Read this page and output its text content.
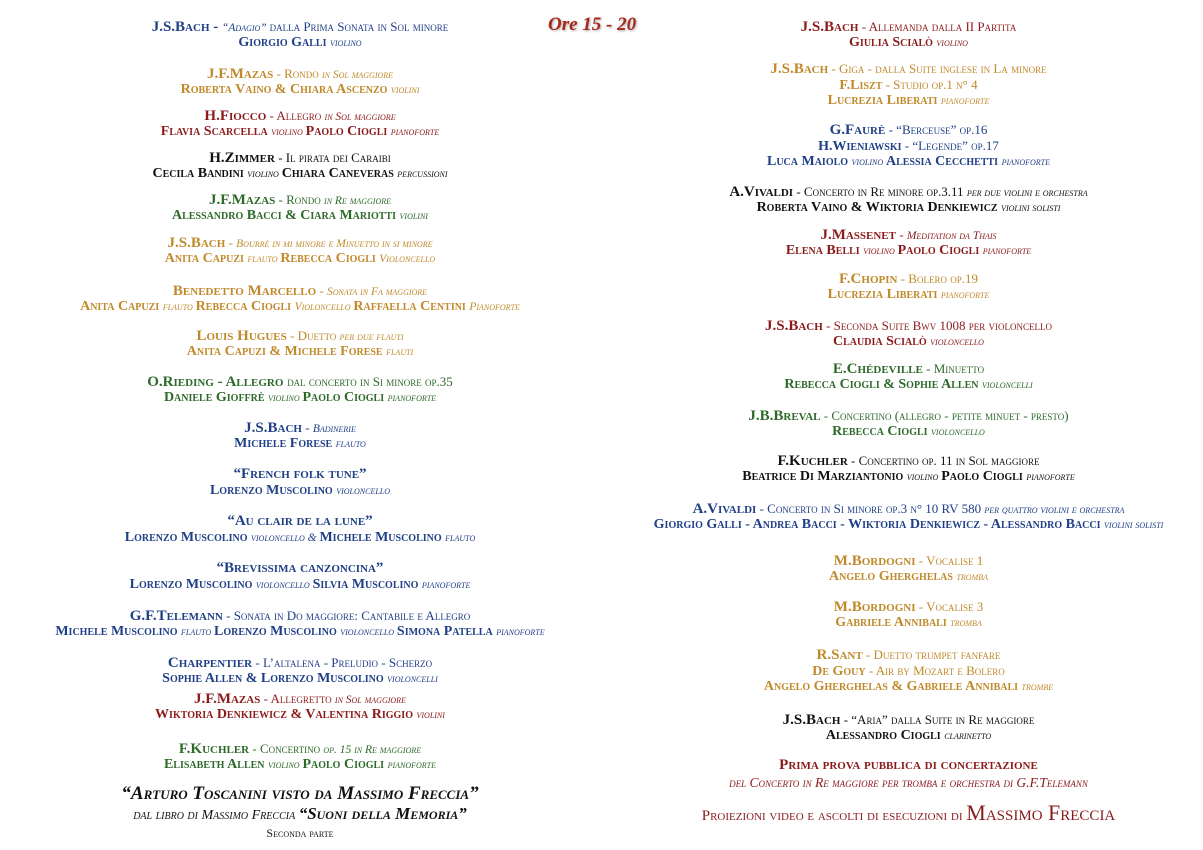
Ore 15 - 20
J.S.Bach - “Adagio” dalla Prima Sonata in Sol minore
Giorgio Galli violino
J.F.Mazas - Rondo in Sol maggiore
Roberta Vaino & Chiara Ascenzo violini
H.Fiocco - Allegro in Sol maggiore
Flavia Scarcella violino Paolo Ciogli pianoforte
H.Zimmer - Il pirata dei Caraibi
Cecila Bandini violino Chiara Caneveras percussioni
J.F.Mazas - Rondo in Re maggiore
Alessandro Bacci & Ciara Mariotti violini
J.S.Bach - Bourrè in mi minore e Minuetto in si minore
Anita Capuzi flauto Rebecca Ciogli Violoncello
Benedetto Marcello - Sonata in Fa maggiore
Anita Capuzi flauto Rebecca Ciogli Violoncello Raffaella Centini Pianoforte
Louis Hugues - Duetto per due flauti
Anita Capuzi & Michele Forese flauti
O.Rieding - Allegro dal concerto in Si minore op.35
Daniele Gioffrè violino Paolo Ciogli pianoforte
J.S.Bach - Badinerie
Michele Forese flauto
“French folk tune”
Lorenzo Muscolino violoncello
“Au clair de la lune”
Lorenzo Muscolino violoncello & Michele Muscolino flauto
“Brevissima canzoncina”
Lorenzo Muscolino violoncello Silvia Muscolino pianoforte
G.F.Telemann - Sonata in Do maggiore: Cantabile e Allegro
Michele Muscolino flauto Lorenzo Muscolino violoncello Simona Patella pianoforte
Charpentier - L’altalena - Preludio - Scherzo
Sophie Allen & Lorenzo Muscolino violoncelli
J.F.Mazas - Allegretto in Sol maggiore
Wiktoria Denkiewicz & Valentina Riggio violini
F.Kuchler - Concertino op. 15 in Re maggiore
Elisabeth Allen violino Paolo Ciogli pianoforte
J.S.Bach - Allemanda dalla II Partita
Giulia Scialò violino
J.S.Bach - Giga - dalla Suite inglese in La minore
F.Liszt - Studio op.1 n° 4
Lucrezia Liberati pianoforte
G.Faurè - “Berceuse” op.16
H.Wieniawski - “Legende” op.17
Luca Maiolo violino Alessia Cecchetti pianoforte
A.Vivaldi - Concerto in Re minore op.3.11 per due violini e orchestra
Roberta Vaino & Wiktoria Denkiewicz violini solisti
J.Massenet - Meditation da Thais
Elena Belli violino Paolo Ciogli pianoforte
F.Chopin - Bolero op.19
Lucrezia Liberati pianoforte
J.S.Bach - Seconda Suite Bwv 1008 per violoncello
Claudia Scialò violoncello
E.Chédeville - Minuetto
Rebecca Ciogli & Sophie Allen violoncelli
J.B.Breval - Concertino (allegro - petite minuet - presto)
Rebecca Ciogli violoncello
F.Kuchler - Concertino op. 11 in Sol maggiore
Beatrice Di Marziantonio violino Paolo Ciogli pianoforte
A.Vivaldi - Concerto in Si minore op.3 n° 10 RV 580 per quattro violini e orchestra
Giorgio Galli - Andrea Bacci - Wiktoria Denkiewicz - Alessandro Bacci violini solisti
M.Bordogni - Vocalise 1
Angelo Gherghelas tromba
M.Bordogni - Vocalise 3
Gabriele Annibali tromba
R.Sant - Duetto trumpet fanfare
De Gouy - Air by Mozart e Bolero
Angelo Gherghelas & Gabriele Annibali trombe
J.S.Bach - “Aria” dalla Suite in Re maggiore
Alessandro Ciogli clarinetto
“Arturo Toscanini visto da Massimo Freccia”
dal libro di Massimo Freccia “Suoni della Memoria”
Seconda parte
Prima prova pubblica di concertazione
del Concerto in Re maggiore per tromba e orchestra di G.F.Telemann
Proiezioni video e ascolti di esecuzioni di Massimo Freccia
